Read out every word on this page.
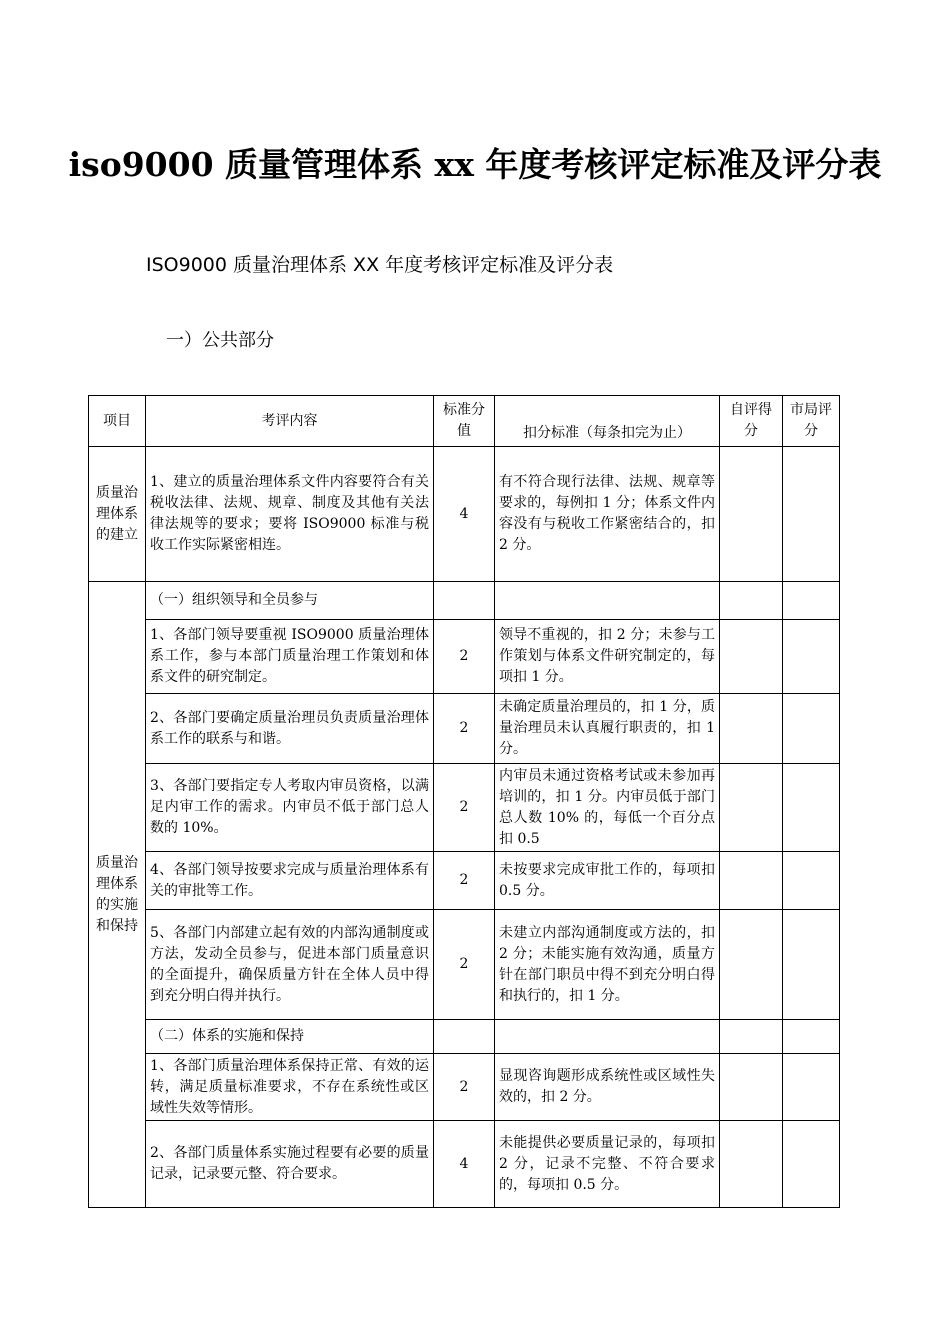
iso9000 质量管理体系 xx 年度考核评定标准及评分表

ISO9000 质量治理体系 XX 年度考核评定标准及评分表

一）公共部分

项目	考评内容	标准分值	扣分标准（每条扣完为止）	自评得分	市局评分
质量治理体系的建立	1、建立的质量治理体系文件内容要符合有关税收法律、法规、规章、制度及其他有关法律法规等的要求；要将 ISO9000 标准与税收工作实际紧密相连。	4	有不符合现行法律、法规、规章等要求的，每例扣 1 分；体系文件内容没有与税收工作紧密结合的，扣 2 分。		
质量治理体系的实施和保持	（一）组织领导和全员参与				
	1、各部门领导要重视 ISO9000 质量治理体系工作，参与本部门质量治理工作策划和体系文件的研究制定。	2	领导不重视的，扣 2 分；未参与工作策划与体系文件研究制定的，每项扣 1 分。		
	2、各部门要确定质量治理员负责质量治理体系工作的联系与和谐。	2	未确定质量治理员的，扣 1 分，质量治理员未认真履行职责的，扣 1 分。		
	3、各部门要指定专人考取内审员资格，以满足内审工作的需求。内审员不低于部门总人数的 10%。	2	内审员未通过资格考试或未参加再培训的，扣 1 分。内审员低于部门总人数 10% 的，每低一个百分点扣 0.5		
	4、各部门领导按要求完成与质量治理体系有关的审批等工作。	2	未按要求完成审批工作的，每项扣 0.5 分。		
	5、各部门内部建立起有效的内部沟通制度或方法，发动全员参与，促进本部门质量意识的全面提升，确保质量方针在全体人员中得到充分明白得并执行。	2	未建立内部沟通制度或方法的，扣 2 分；未能实施有效沟通，质量方针在部门职员中得不到充分明白得和执行的，扣 1 分。		
	（二）体系的实施和保持				
	1、各部门质量治理体系保持正常、有效的运转，满足质量标准要求，不存在系统性或区域性失效等情形。	2	显现咨询题形成系统性或区域性失效的，扣 2 分。		
	2、各部门质量体系实施过程要有必要的质量记录，记录要元整、符合要求。	4	未能提供必要质量记录的，每项扣 2 分，记录不完整、不符合要求的，每项扣 0.5 分。		
